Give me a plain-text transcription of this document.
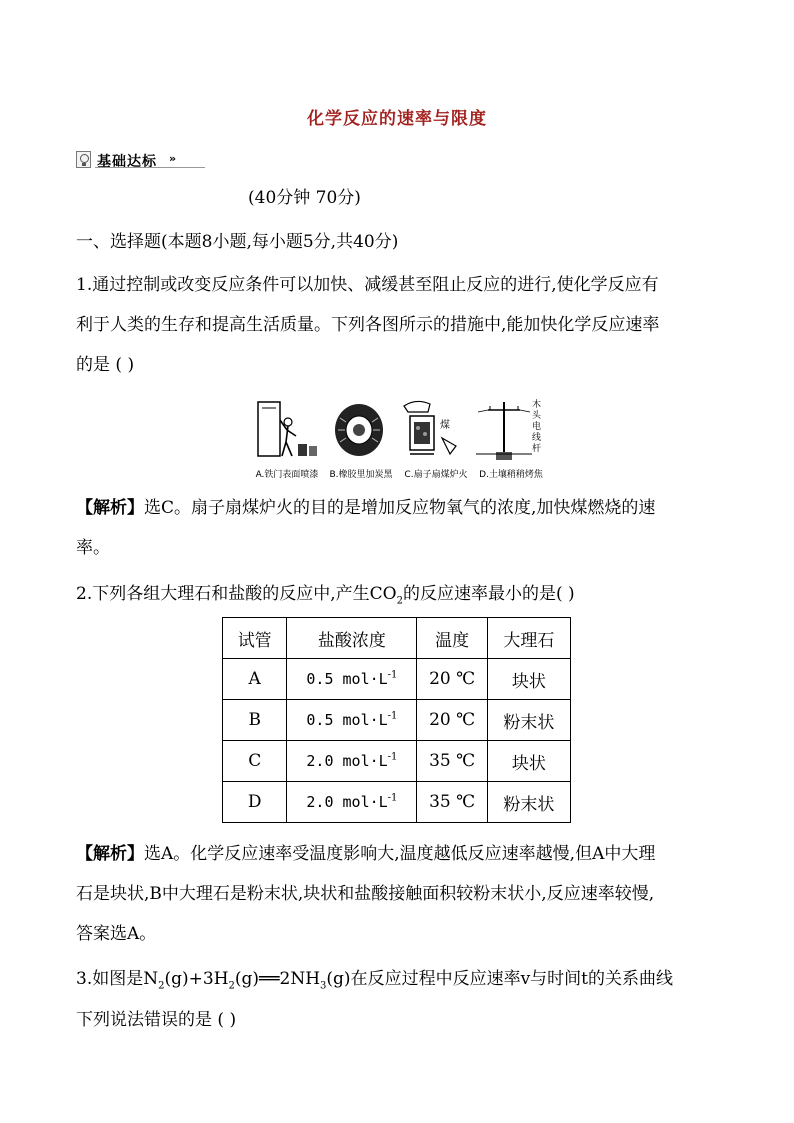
化学反应的速率与限度
基础达标 »
(40分钟 70分)
一、选择题(本题8小题,每小题5分,共40分)
1.通过控制或改变反应条件可以加快、减缓甚至阻止反应的进行,使化学反应有
利于人类的生存和提高生活质量。下列各图所示的措施中,能加快化学反应速率
的是 ( )
A.铁门表面喷漆	B.橡胶里加炭黑
煤
C.扇子扇煤炉火
木头电线杆
D.土壤稍稍烤焦
【解析】选C。扇子扇煤炉火的目的是增加反应物氧气的浓度,加快煤燃烧的速
率。
2.下列各组大理石和盐酸的反应中,产生$CO_2$的反应速率最小的是( )
试管	盐酸浓度	温度	大理石
A	0.5 $mol\cdot L^{-1}$	20 ℃	块状
B	0.5 $mol\cdot L^{-1}$	20 ℃	粉末状
C	2.0 $mol\cdot L^{-1}$	35 ℃	块状
D	2.0 $mol\cdot L^{-1}$	35 ℃	粉末状
【解析】选A。化学反应速率受温度影响大,温度越低反应速率越慢,但A中大理
石是块状,B中大理石是粉末状,块状和盐酸接触面积较粉末状小,反应速率较慢,
答案选A。
3.如图是$N_2(g)+3H_2(g)══2NH_3(g)$在反应过程中反应速率v与时间t的关系曲线
下列说法错误的是 ( )
